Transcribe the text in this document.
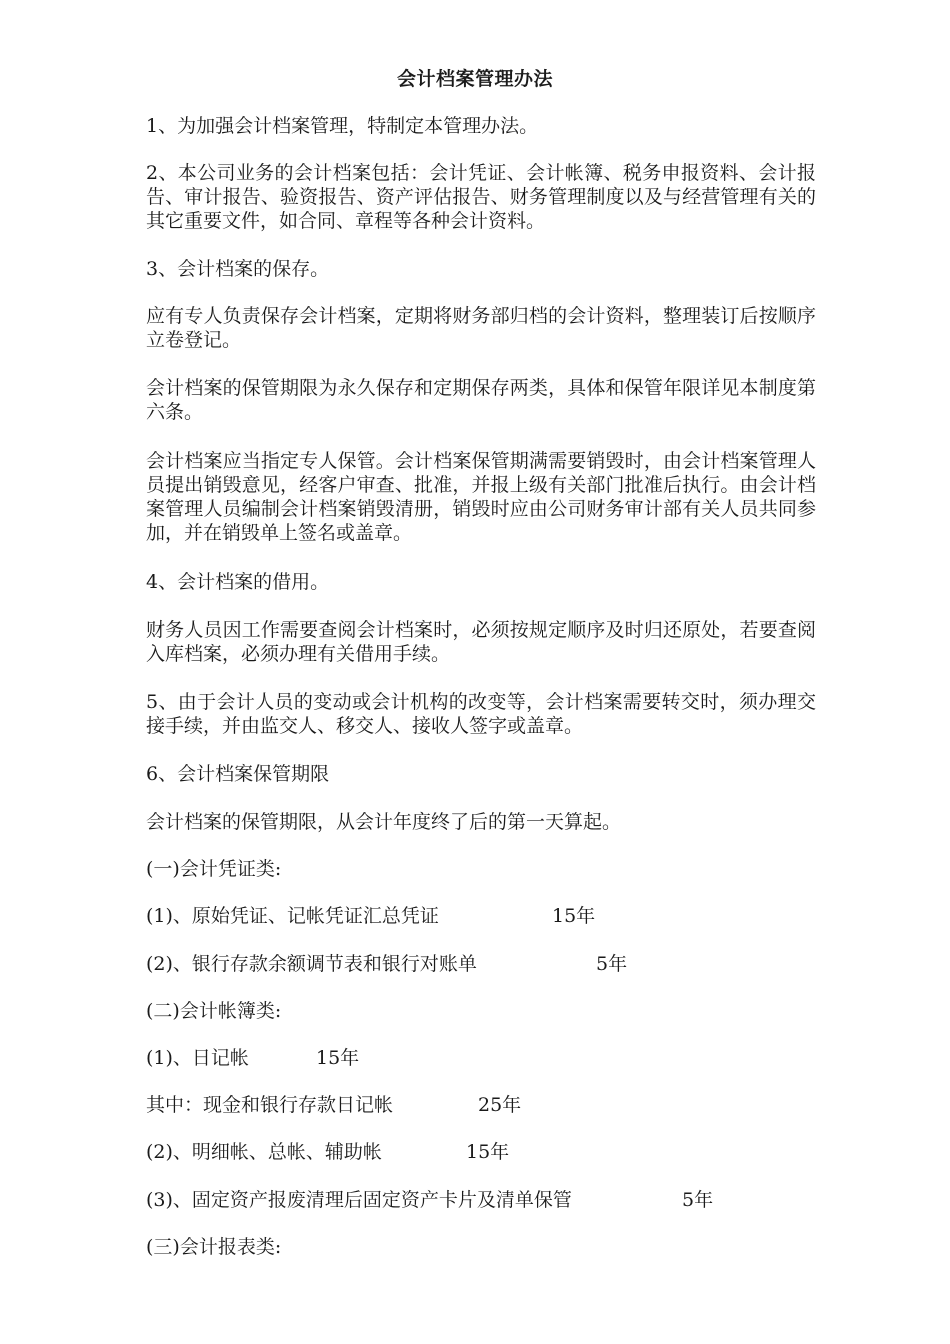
会计档案管理办法

1、为加强会计档案管理，特制定本管理办法。

2、本公司业务的会计档案包括：会计凭证、会计帐簿、税务申报资料、会计报告、审计报告、验资报告、资产评估报告、财务管理制度以及与经营管理有关的其它重要文件，如合同、章程等各种会计资料。

3、会计档案的保存。

应有专人负责保存会计档案，定期将财务部归档的会计资料，整理装订后按顺序立卷登记。

会计档案的保管期限为永久保存和定期保存两类，具体和保管年限详见本制度第六条。

会计档案应当指定专人保管。会计档案保管期满需要销毁时，由会计档案管理人员提出销毁意见，经客户审查、批准，并报上级有关部门批准后执行。由会计档案管理人员编制会计档案销毁清册，销毁时应由公司财务审计部有关人员共同参加，并在销毁单上签名或盖章。

4、会计档案的借用。

财务人员因工作需要查阅会计档案时，必须按规定顺序及时归还原处，若要查阅入库档案，必须办理有关借用手续。

5、由于会计人员的变动或会计机构的改变等，会计档案需要转交时，须办理交接手续，并由监交人、移交人、接收人签字或盖章。

6、会计档案保管期限

会计档案的保管期限，从会计年度终了后的第一天算起。

(一)会计凭证类:
(1)、原始凭证、记帐凭证汇总凭证	15年
(2)、银行存款余额调节表和银行对账单	5年
(二)会计帐簿类:
(1)、日记帐	15年
其中：现金和银行存款日记帐	25年
(2)、明细帐、总帐、辅助帐	15年
(3)、固定资产报废清理后固定资产卡片及清单保管	5年
(三)会计报表类:
